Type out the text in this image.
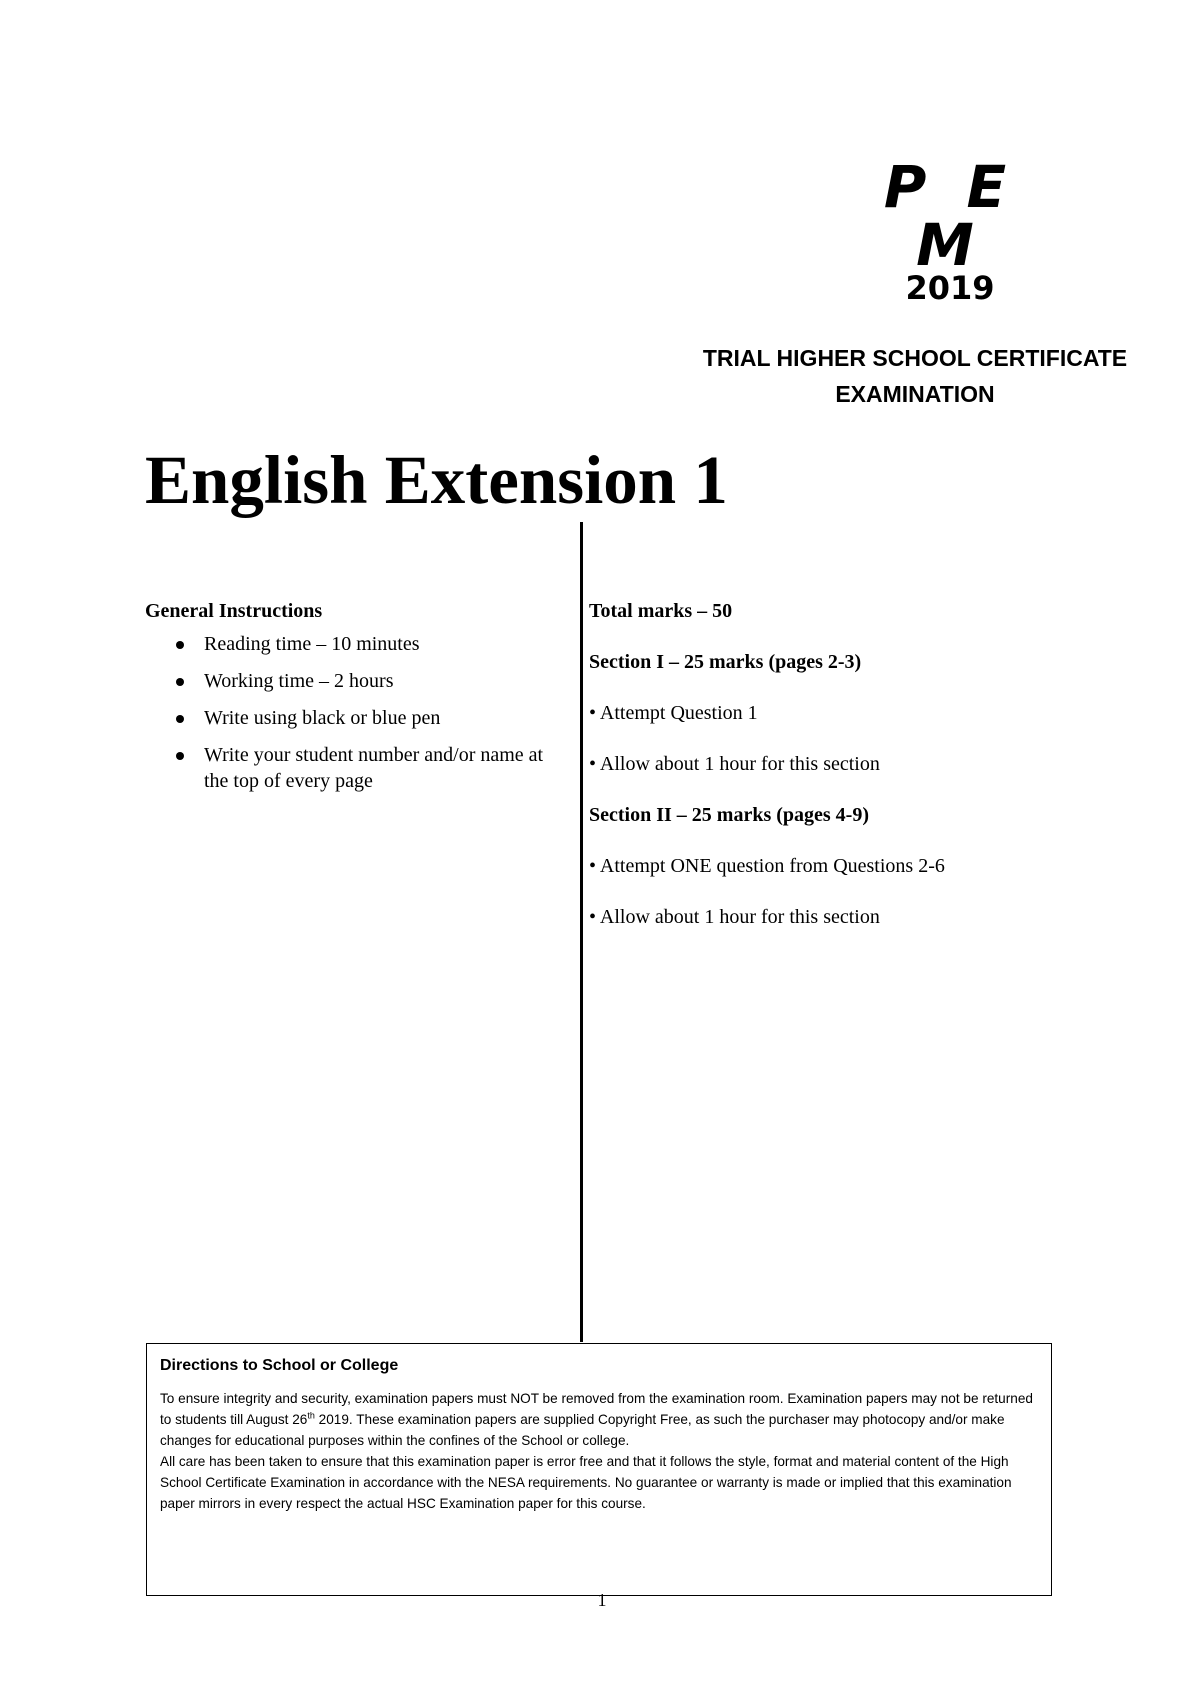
P E M
2019
TRIAL HIGHER SCHOOL CERTIFICATE
EXAMINATION
English Extension 1
General Instructions
Reading time – 10 minutes
Working time – 2 hours
Write using black or blue pen
Write your student number and/or name at the top of every page
Total marks – 50
Section I – 25 marks (pages 2-3)
• Attempt Question 1
• Allow about 1 hour for this section
Section II – 25 marks (pages 4-9)
• Attempt ONE question from Questions 2-6
• Allow about 1 hour for this section
Directions to School or College

To ensure integrity and security, examination papers must NOT be removed from the examination room. Examination papers may not be returned to students till August 26th 2019. These examination papers are supplied Copyright Free, as such the purchaser may photocopy and/or make changes for educational purposes within the confines of the School or college.

All care has been taken to ensure that this examination paper is error free and that it follows the style, format and material content of the High School Certificate Examination in accordance with the NESA requirements. No guarantee or warranty is made or implied that this examination paper mirrors in every respect the actual HSC Examination paper for this course.

1
